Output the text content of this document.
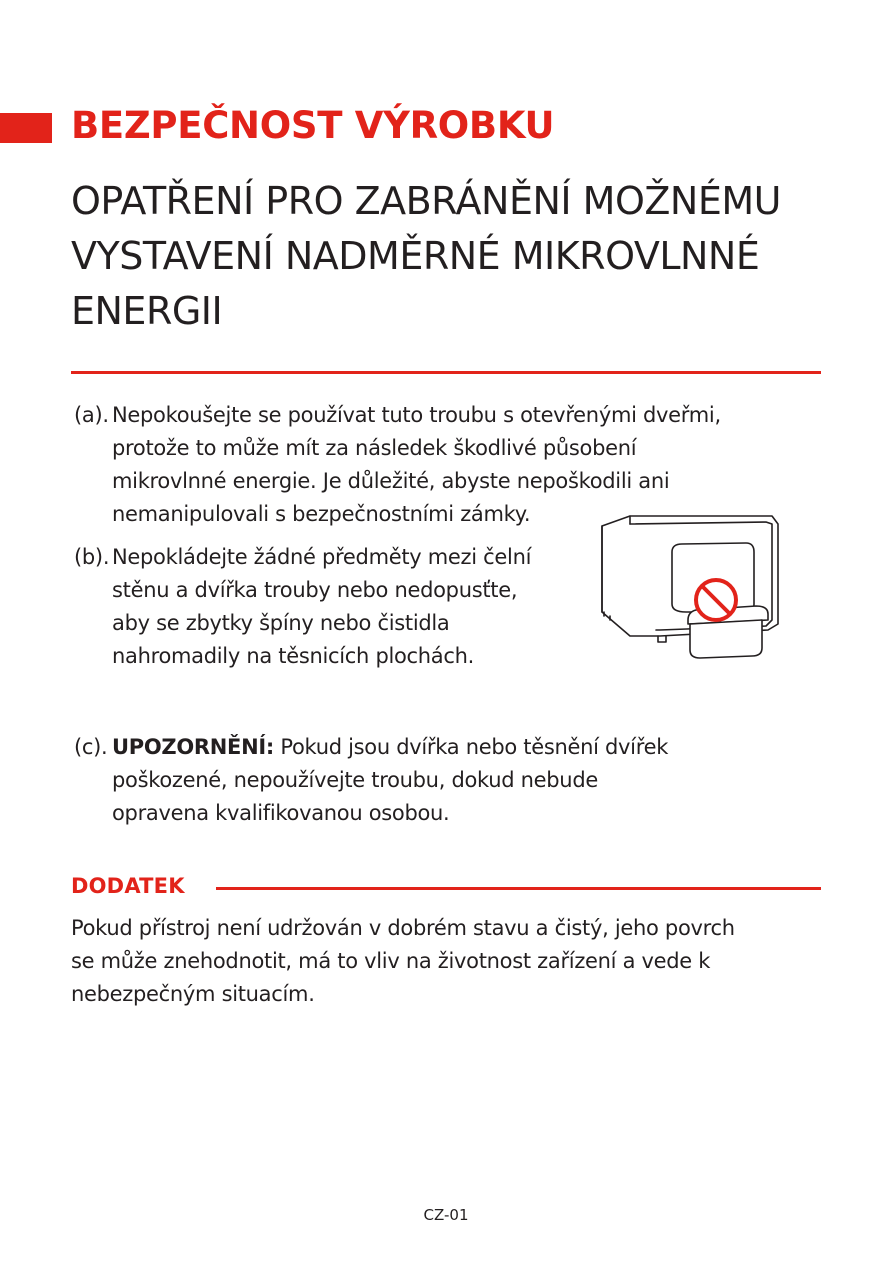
BEZPEČNOST VÝROBKU
OPATŘENÍ PRO ZABRÁNĚNÍ MOŽNÉMU
VYSTAVENÍ NADMĚRNÉ MIKROVLNNÉ
ENERGII
(a). Nepokoušejte se používat tuto troubu s otevřenými dveřmi,
protože to může mít za následek škodlivé působení
mikrovlnné energie. Je důležité, abyste nepoškodili ani
nemanipulovali s bezpečnostními zámky.
(b). Nepokládejte žádné předměty mezi čelní
stěnu a dvířka trouby nebo nedopusťte,
aby se zbytky špíny nebo čistidla
nahromadily na těsnicích plochách.
(c). UPOZORNĚNÍ: Pokud jsou dvířka nebo těsnění dvířek
poškozené, nepoužívejte troubu, dokud nebude
opravena kvalifikovanou osobou.
DODATEK

Pokud přístroj není udržován v dobrém stavu a čistý, jeho povrch
se může znehodnotit, má to vliv na životnost zařízení a vede k
nebezpečným situacím.

CZ-01
